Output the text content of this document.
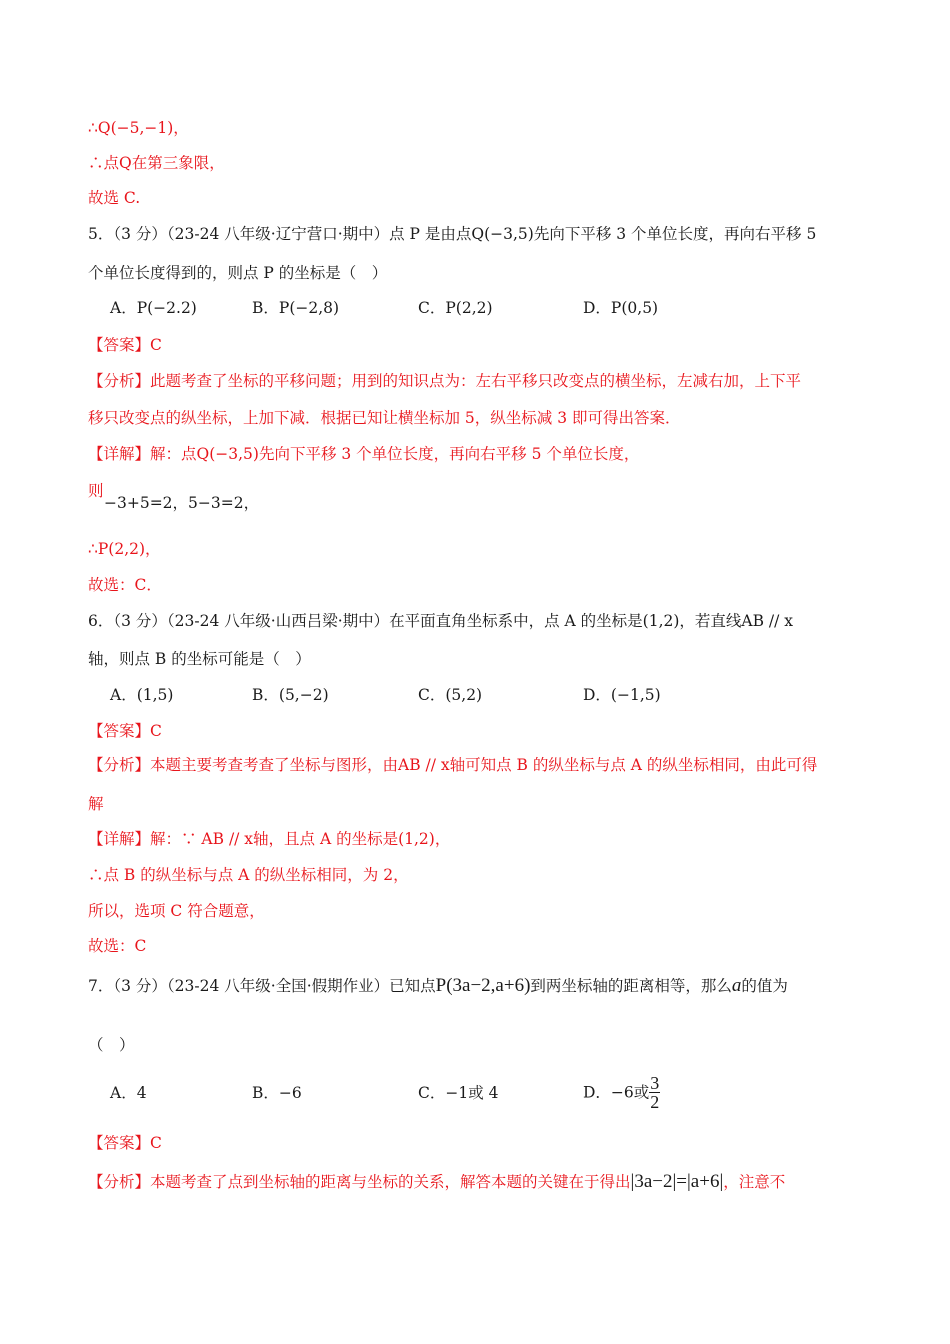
∴Q(−5,−1)，
∴点Q在第三象限，
故选 C.
5．（3 分）（23-24 八年级·辽宁营口·期中）点 P 是由点Q(−3,5)先向下平移 3 个单位长度，再向右平移 5
个单位长度得到的，则点 P 的坐标是（　）
A．P(−2.2)	B．P(−2,8)	C．P(2,2)	D．P(0,5)
【答案】C
【分析】此题考查了坐标的平移问题；用到的知识点为：左右平移只改变点的横坐标，左减右加，上下平
移只改变点的纵坐标，上加下减．根据已知让横坐标加 5，纵坐标减 3 即可得出答案．
【详解】解：点Q(−3,5)先向下平移 3 个单位长度，再向右平移 5 个单位长度，
则
−3+5=2，5−3=2，
∴P(2,2)，
故选：C．
6．（3 分）（23-24 八年级·山西吕梁·期中）在平面直角坐标系中，点 A 的坐标是(1,2)，若直线AB // x
轴，则点 B 的坐标可能是（　）
A．(1,5)	B．(5,−2)	C．(5,2)	D．(−1,5)
【答案】C
【分析】本题主要考查考查了坐标与图形，由AB // x轴可知点 B 的纵坐标与点 A 的纵坐标相同，由此可得
解
【详解】解：∵ AB // x轴，且点 A 的坐标是(1,2)，
∴点 B 的纵坐标与点 A 的纵坐标相同，为 2，
所以，选项 C 符合题意，
故选：C
7．（3 分）（23-24 八年级·全国·假期作业）已知点P(3a−2,a+6)到两坐标轴的距离相等，那么a的值为
（　）
A．4	B．−6	C．−1或 4	D．−6或 $\frac{3}{2}$
【答案】C
【分析】本题考查了点到坐标轴的距离与坐标的关系，解答本题的关键在于得出|3a−2|=|a+6|，注意不
